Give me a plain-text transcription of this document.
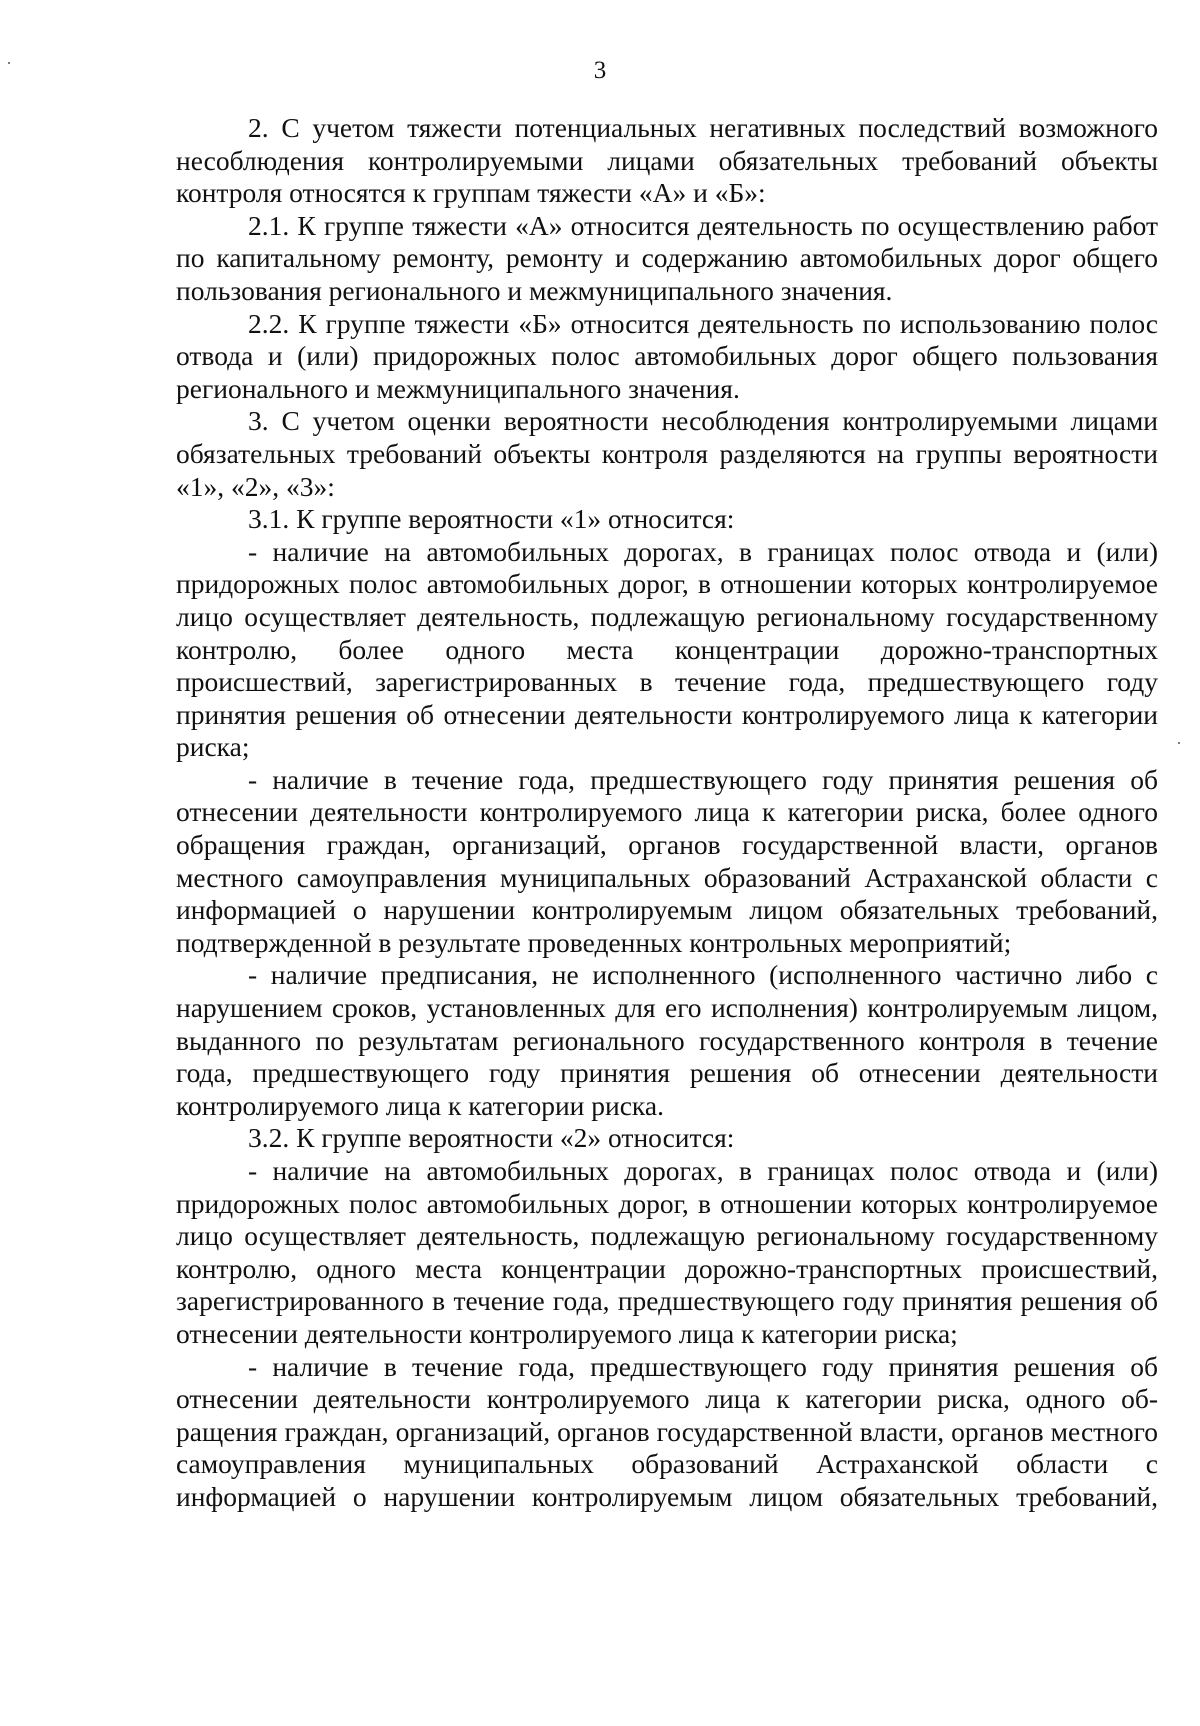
3

2. С учетом тяжести потенциальных негативных последствий возможного несоблюдения контролируемыми лицами обязательных требований объекты контроля относятся к группам тяжести «А» и «Б»:

2.1. К группе тяжести «А» относится деятельность по осуществлению работ по капитальному ремонту, ремонту и содержанию автомобильных дорог общего пользования регионального и межмуниципального значения.

2.2. К группе тяжести «Б» относится деятельность по использованию полос отвода и (или) придорожных полос автомобильных дорог общего пользования регионального и межмуниципального значения.

3. С учетом оценки вероятности несоблюдения контролируемыми лицами обязательных требований объекты контроля разделяются на группы вероятности «1», «2», «3»:

3.1. К группе вероятности «1» относится:

- наличие на автомобильных дорогах, в границах полос отвода и (или) придорожных полос автомобильных дорог, в отношении которых контролируемое лицо осуществляет деятельность, подлежащую региональному государственному контролю, более одного места концентрации дорожно-транспортных происшествий, зарегистрированных в течение года, предшествующего году принятия решения об отнесении деятельности контролируемого лица к категории риска;

- наличие в течение года, предшествующего году принятия решения об отнесении деятельности контролируемого лица к категории риска, более одного обращения граждан, организаций, органов государственной власти, органов местного самоуправления муниципальных образований Астраханской области с информацией о нарушении контролируемым лицом обязательных требований, подтвержденной в результате проведенных контрольных мероприятий;

- наличие предписания, не исполненного (исполненного частично либо с нарушением сроков, установленных для его исполнения) контролируемым лицом, выданного по результатам регионального государственного контроля в течение года, предшествующего году принятия решения об отнесении деятельности контролируемого лица к категории риска.

3.2. К группе вероятности «2» относится:

- наличие на автомобильных дорогах, в границах полос отвода и (или) придорожных полос автомобильных дорог, в отношении которых контролируемое лицо осуществляет деятельность, подлежащую региональному государственному контролю, одного места концентрации дорожно-транспортных происшествий, зарегистрированного в течение года, предшествующего году принятия решения об отнесении деятельности контролируемого лица к категории риска;

- наличие в течение года, предшествующего году принятия решения об отнесении деятельности контролируемого лица к категории риска, одного обращения граждан, организаций, органов государственной власти, органов местного самоуправления муниципальных образований Астраханской области с информацией о нарушении контролируемым лицом обязательных требований,
